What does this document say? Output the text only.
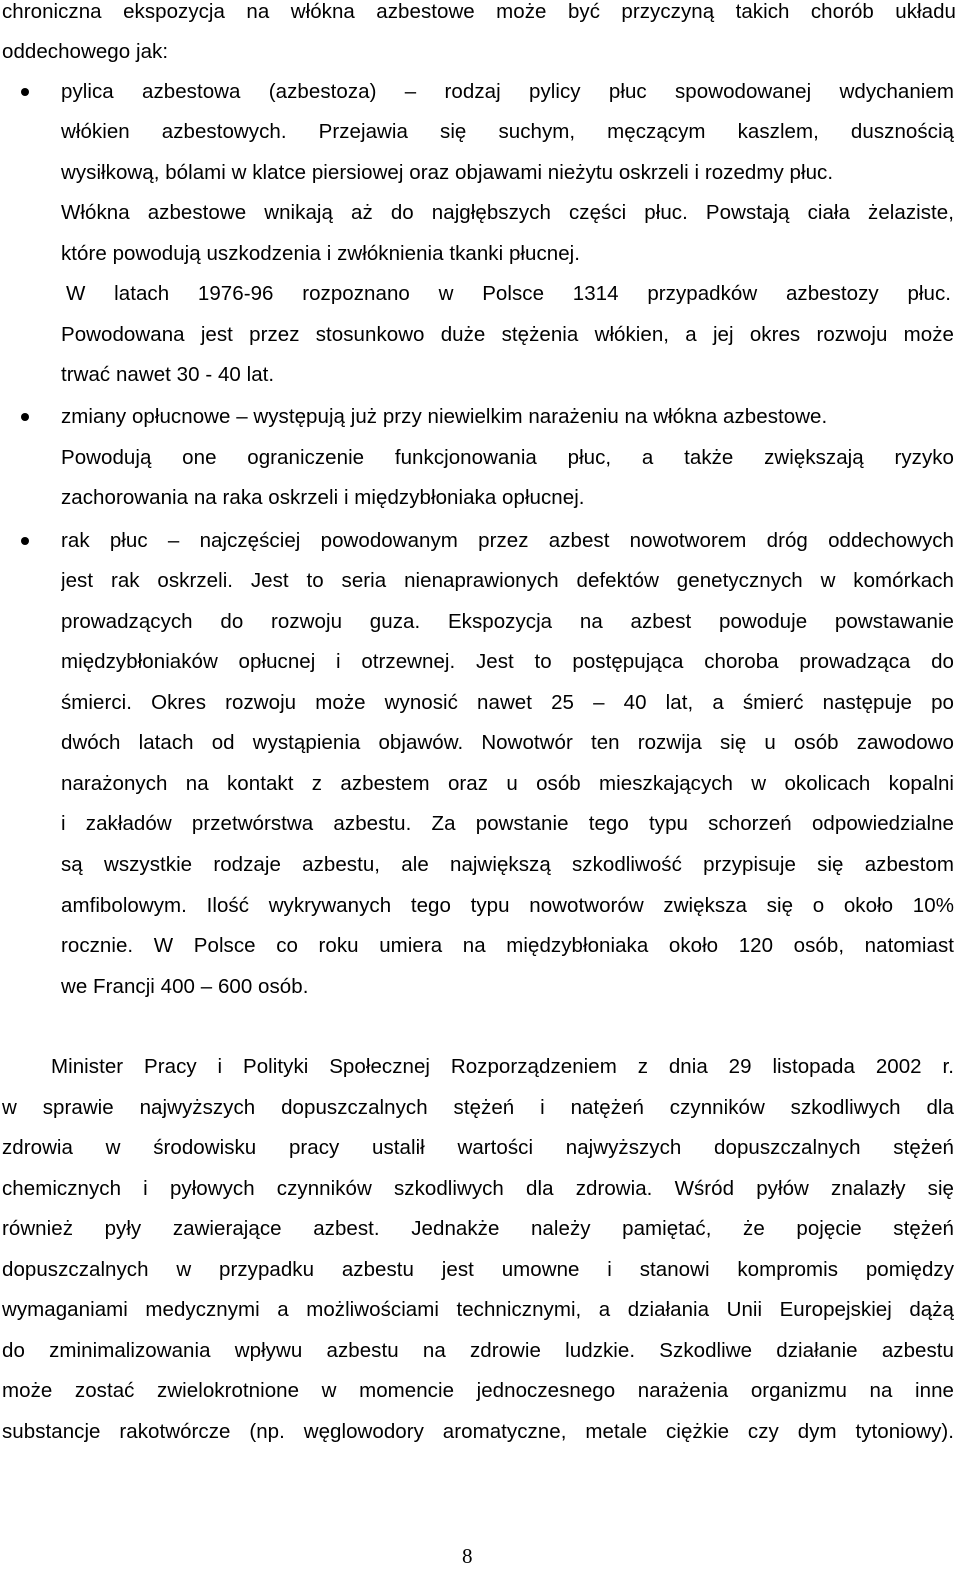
chroniczna ekspozycja na włókna azbestowe może być przyczyną takich chorób układu
oddechowego jak:
pylica azbestowa (azbestoza) – rodzaj pylicy płuc spowodowanej wdychaniem
włókien azbestowych. Przejawia się suchym, męczącym kaszlem, dusznością
wysiłkową, bólami w klatce piersiowej oraz objawami nieżytu oskrzeli i rozedmy płuc.
Włókna azbestowe wnikają aż do najgłębszych części płuc. Powstają ciała żelaziste,
które powodują uszkodzenia i zwłóknienia tkanki płucnej.
W latach 1976-96 rozpoznano w Polsce 1314 przypadków azbestozy płuc.
Powodowana jest przez stosunkowo duże stężenia włókien, a jej okres rozwoju może
trwać nawet 30 - 40 lat.
zmiany opłucnowe – występują już przy niewielkim narażeniu na włókna azbestowe.
Powodują one ograniczenie funkcjonowania płuc, a także zwiększają ryzyko
zachorowania na raka oskrzeli i międzybłoniaka opłucnej.
rak płuc – najczęściej powodowanym przez azbest nowotworem dróg oddechowych
jest rak oskrzeli. Jest to seria nienaprawionych defektów genetycznych w komórkach
prowadzących do rozwoju guza. Ekspozycja na azbest powoduje powstawanie
międzybłoniaków opłucnej i otrzewnej. Jest to postępująca choroba prowadząca do
śmierci. Okres rozwoju może wynosić nawet 25 – 40 lat, a śmierć następuje po
dwóch latach od wystąpienia objawów. Nowotwór ten rozwija się u osób zawodowo
narażonych na kontakt z azbestem oraz u osób mieszkających w okolicach kopalni
i zakładów przetwórstwa azbestu. Za powstanie tego typu schorzeń odpowiedzialne
są wszystkie rodzaje azbestu, ale największą szkodliwość przypisuje się azbestom
amfibolowym. Ilość wykrywanych tego typu nowotworów zwiększa się o około 10%
rocznie. W Polsce co roku umiera na międzybłoniaka około 120 osób, natomiast
we Francji 400 – 600 osób.
Minister Pracy i Polityki Społecznej Rozporządzeniem z dnia 29 listopada 2002 r.
w sprawie najwyższych dopuszczalnych stężeń i natężeń czynników szkodliwych dla
zdrowia w środowisku pracy ustalił wartości najwyższych dopuszczalnych stężeń
chemicznych i pyłowych czynników szkodliwych dla zdrowia. Wśród pyłów znalazły się
również pyły zawierające azbest. Jednakże należy pamiętać, że pojęcie stężeń
dopuszczalnych w przypadku azbestu jest umowne i stanowi kompromis pomiędzy
wymaganiami medycznymi a możliwościami technicznymi, a działania Unii Europejskiej dążą
do zminimalizowania wpływu azbestu na zdrowie ludzkie. Szkodliwe działanie azbestu
może zostać zwielokrotnione w momencie jednoczesnego narażenia organizmu na inne
substancje rakotwórcze (np. węglowodory aromatyczne, metale ciężkie czy dym tytoniowy).
8
